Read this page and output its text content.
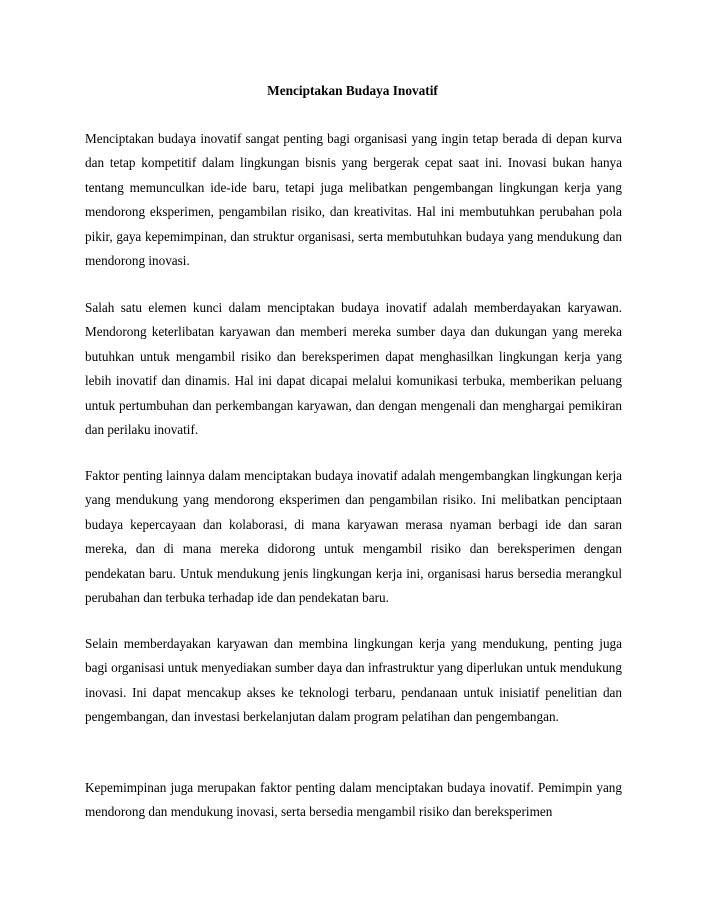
Menciptakan Budaya Inovatif

Menciptakan budaya inovatif sangat penting bagi organisasi yang ingin tetap berada di depan kurva dan tetap kompetitif dalam lingkungan bisnis yang bergerak cepat saat ini. Inovasi bukan hanya tentang memunculkan ide-ide baru, tetapi juga melibatkan pengembangan lingkungan kerja yang mendorong eksperimen, pengambilan risiko, dan kreativitas. Hal ini membutuhkan perubahan pola pikir, gaya kepemimpinan, dan struktur organisasi, serta membutuhkan budaya yang mendukung dan mendorong inovasi.

Salah satu elemen kunci dalam menciptakan budaya inovatif adalah memberdayakan karyawan. Mendorong keterlibatan karyawan dan memberi mereka sumber daya dan dukungan yang mereka butuhkan untuk mengambil risiko dan bereksperimen dapat menghasilkan lingkungan kerja yang lebih inovatif dan dinamis. Hal ini dapat dicapai melalui komunikasi terbuka, memberikan peluang untuk pertumbuhan dan perkembangan karyawan, dan dengan mengenali dan menghargai pemikiran dan perilaku inovatif.

Faktor penting lainnya dalam menciptakan budaya inovatif adalah mengembangkan lingkungan kerja yang mendukung yang mendorong eksperimen dan pengambilan risiko. Ini melibatkan penciptaan budaya kepercayaan dan kolaborasi, di mana karyawan merasa nyaman berbagi ide dan saran mereka, dan di mana mereka didorong untuk mengambil risiko dan bereksperimen dengan pendekatan baru. Untuk mendukung jenis lingkungan kerja ini, organisasi harus bersedia merangkul perubahan dan terbuka terhadap ide dan pendekatan baru.

Selain memberdayakan karyawan dan membina lingkungan kerja yang mendukung, penting juga bagi organisasi untuk menyediakan sumber daya dan infrastruktur yang diperlukan untuk mendukung inovasi. Ini dapat mencakup akses ke teknologi terbaru, pendanaan untuk inisiatif penelitian dan pengembangan, dan investasi berkelanjutan dalam program pelatihan dan pengembangan.

Kepemimpinan juga merupakan faktor penting dalam menciptakan budaya inovatif. Pemimpin yang mendorong dan mendukung inovasi, serta bersedia mengambil risiko dan bereksperimen
